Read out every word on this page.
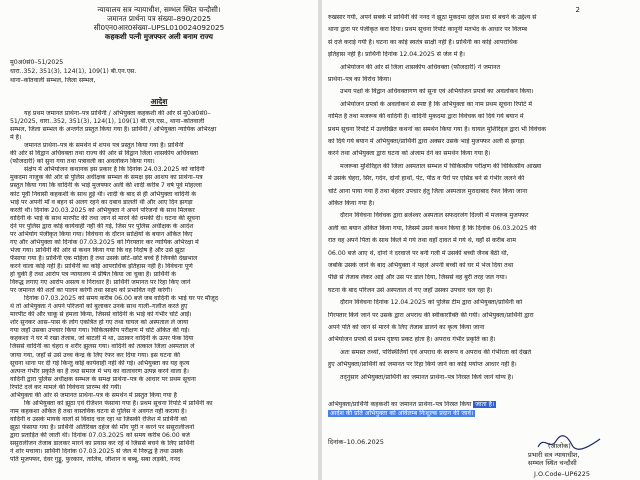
न्यायालय सत्र न्यायाधीश, सम्भल स्थित चन्दौसी।
जमानत प्रार्थना पत्र संख्या–890/2025
सी0एन0आर0संख्या–UPSL010024092025
कहकशी पत्नी मुजफ्फर अली बनाम राज्य
मु0अ0सं0–51/2025
धारा..352, 351(3), 124(1), 109(1) बी.एन.एस.
थाना–कोतवाली सम्भल, जिला सम्भल,
आदेश
यह प्रथम जमानत प्रार्थना–पत्र प्रार्थिनी / अभियुक्ता कहकशी की ओर से मु0अ0सं0–
51/2025, धारा..352, 351(3), 124(1), 109(1) बी.एन.एस., थाना–कोतवाली
सम्भल, जिला सम्भल के अन्तर्गत प्रस्तुत किया गया है। प्रार्थिनी / अभियुक्ता न्यायिक अभिरक्षा
में है।
जमानत प्रार्थना–पत्र के समर्थन में शपथ पत्र प्रस्तुत किया गया है। प्रार्थिनी
की ओर से विद्वान अधिवक्ता तथा राज्य की ओर से विद्वान जिला शासकीय अधिवक्ता
(फौजदारी) को सुना गया तथा पत्रावली का अवलोकन किया गया।
संक्षेप में अभियोजन कथानक इस प्रकार है कि दिनांक 24.03.2025 को वादिनी
मुकदमा नाजुक की ओर से पुलिस अधीक्षक सम्भल के समक्ष इस आशय का प्रार्थना–पत्र
प्रस्तुत किया गया कि वादिनी के भाई मुजफ्फर अली की शादी करीब 7 वर्ष पूर्व मोहल्ला
कोट पूर्वी निवासी कहकशी के साथ हुई थी। शादी के बाद से ही अभियुक्ता वादिनी के
भाई पर अपनी माँ व बहन से अलग रहने का दबाव डालती थी और आए दिन झगड़ा
करती थी। दिनांक 20.03.2025 को अभियुक्ता ने अपने परिजनों के साथ मिलकर
वादिनी के भाई के साथ मारपीट की तथा जान से मारने की धमकी दी। घटना की सूचना
देने पर पुलिस द्वारा कोई कार्यवाही नहीं की गई, जिस पर पुलिस अधीक्षक के आदेश
पर अभियोग पंजीकृत किया गया। विवेचना के दौरान साक्षियों के बयान अंकित किए
गए और अभियुक्ता को दिनांक 07.03.2025 को गिरफ्तार कर न्यायिक अभिरक्षा में
भेजा गया। प्रार्थिनी की ओर से कथन किया गया कि वह निर्दोष है और उसे झूठा
फँसाया गया है। प्रार्थिनी एक महिला है तथा उसके छोटे–छोटे बच्चे हैं जिनकी देखभाल
करने वाला कोई नहीं है। प्रार्थिनी का कोई आपराधिक इतिहास नहीं है। विवेचना पूर्ण
हो चुकी है तथा आरोप पत्र न्यायालय में प्रेषित किया जा चुका है। प्रार्थिनी के
विरुद्ध लगाए गए आरोप असत्य व निराधार हैं। प्रार्थिनी जमानत पर रिहा किए जाने
पर जमानत की शर्तों का पालन करेगी तथा साक्ष्य को प्रभावित नहीं करेगी।
दिनांक 07.03.2025 को समय करीब 06.00 बजे जब वादिनी के भाई घर पर मौजूद
थे तो अभियुक्ता ने अपने परिजनों को बुलाकर उनके साथ गाली–गलौज करते हुए
मारपीट की और चाकू से हमला किया, जिससे वादिनी के भाई को गंभीर चोटें आईं।
शोर सुनकर आस–पास के लोग एकत्रित हो गए तथा घायल को अस्पताल ले जाया
गया जहाँ उसका उपचार किया गया। चिकित्सकीय परीक्षण में चोटें अंकित की गईं।
कहकशा ने घर में रखा तेजाब, जो बाटली में था, उठाकर वादिनी के ऊपर फेंक दिया
जिससे वादिनी का चेहरा व शरीर झुलस गया। वादिनी को तत्काल जिला अस्पताल ले
जाया गया, जहाँ से उसे उच्च केन्द्र के लिए रेफर कर दिया गया। इस घटना की
सूचना थाना पर दी गई किन्तु कोई कार्यवाही नहीं की गई। अभियुक्ता का यह कृत्य
अत्यन्त गंभीर प्रकृति का है तथा समाज में भय का वातावरण उत्पन्न करने वाला है।
वादिनी द्वारा पुलिस अधीक्षक सम्भल के समक्ष प्रार्थना–पत्र के आधार पर प्रथम सूचना
रिपोर्ट दर्ज कर मामले की विवेचना प्रारम्भ की गयी।
अभियुक्ता की ओर से जमानत प्रार्थना–पत्र के समर्थन में प्रस्तुत किया गया है
कि अभियुक्ता को झूठा एवं रंजिशन फंसाया गया है। प्रथम सूचना रिपोर्ट में प्रार्थिनी का
नाम कहकशा अंकित है तथा वास्तविक घटना से पुलिस ने अवगत नहीं कराया है।
वादिनी व उसके मायके वालों से विवाद चल रहा था जिसकी रंजिश में प्रार्थिनी को
झूठा फंसाया गया है। प्रार्थिनी अतिरिक्त दहेज की माँग पूरी न करने पर ससुरालीजनों
द्वारा प्रताड़ित की जाती थी। दिनांक 07.03.2025 को समय करीब 06.00 बजे
ससुरालीजन तेजाब डालकर मारने का प्रयास कर रहे थे जिससे बचने के लिए प्रार्थिनी
ने शोर मचाया। प्रार्थिनी दिनांक 07.03.2025 से जेल में निरुद्ध है तथा उसके
पति मुजफ्फर, देवर गुड्डू, फुरकान, तालिब, जीशान व बब्बू, सबा लड़की, ननद
2
रुखसार गयी, अपने सबके में प्रार्थिनी की ननद ने झूठा मुकदमा दहेज प्रथा से बचने के उद्देश्य से
थाना द्वारा पर पंजीकृत करा दिया। प्रथम सूचना रिपोर्ट कानूनी मतभेद के आधार पर विलम्ब
से दर्ज कराई गयी है। घटना का कोई स्वतंत्र साक्षी नहीं है। प्रार्थिनी का कोई आपराधिक
इतिहास नहीं है। प्रार्थिनी दिनांक 12.04.2025 से जेल में है।
अभियोजन की ओर से जिला शासकीय अधिवक्ता (फौजदारी) ने जमानत
प्रार्थना–पत्र का विरोध किया।
उभय पक्षों के विद्वान अधिवक्तागण को सुना एवं अभियोजन प्रपत्रों का अवलोकन किया।
अभियोजन प्रपत्रों के अवलोकन से स्पष्ट है कि अभियुक्ता का नाम प्रथम सूचना रिपोर्ट में
नामित है तथा मजरूब की वादिनी है। वादिनी मुकदमा द्वारा विवेचक को दिये गये बयान में
प्रथम सूचना रिपोर्ट में उल्लेखित कथनों का समर्थन किया गया है। घायल मुशिरिद्दल द्वारा भी विवेचक
को दिये गये बयान में अभियुक्ता/प्रार्थिनी द्वारा अक्सर उसके भाई मुजफ्फर अली से झगड़ा
करने तथा अभियुक्ता द्वारा घटना को अंजाम देने का समर्थन किया गया है।
मजरूबा मुशिरिद्दल की जिला अस्पताल सम्भल में चिकित्सीय परीक्षण की चिकित्सीय आख्या
में उसके चेहरा, सिर, गर्दन, दोनों हाथों, पेट, पीठ व पैरों पर एसिड बर्न से गंभीर जलने की
चोटें आना पाया गया है तथा बेहतर उपचार हेतु जिला अस्पताल मुरादाबाद रेफर किया जाना
अंकित किया गया है।
दौरान विवेचना विवेचक द्वारा ब्रजेश्वर अस्पताल सफदरजंग दिल्ली में मजरूब मुजफ्फर
अली का बयान अंकित किया गया, जिसमें उसने कथन किया है कि दिनांक 06.03.2025 की
रात वह अपने पिता के साथ किले में गये तथा वहाँ दावत में गये थे, वहाँ से करीब शाम
06.00 बजे आए थे, दोनों ने दरवाजे पर बनी गली में उसकी बच्ची जैनब बैठी थी,
जबकि उसके जाने के बाद अभियुक्ता ने पहले अपनी बच्ची को घर में भेज दिया तथा
पीछे से तेजाब लेकर आई और उस पर डाल दिया, जिससे वह बुरी तरह जल गया।
घटना के बाद परिजन उसे अस्पताल ले गए जहाँ उसका उपचार चल रहा है।
दौरान विवेचना दिनांक 12.04.2025 को पुलिस टीम द्वारा अभियुक्ता/प्रार्थिनी को
गिरफ्तार किये जाने पर उसके द्वारा अपराध की स्वीकारोक्ति की गयी। अभियुक्ता/प्रार्थिनी द्वारा
अपने पति को जान से मारने के लिए तेजाब डालने का कृत्य किया जाना
अभियोजन प्रपत्रों से प्रथम दृष्टया प्रकट होता है। अपराध गंभीर प्रकृति का है।
अतः समस्त तथ्यों, परिस्थितियों एवं अपराध के स्वरूप व अपराध की गंभीरता को देखते
हुए अभियुक्ता/प्रार्थिनी को जमानत पर रिहा किये जाने का कोई पर्याप्त आधार नहीं है।
तद्नुसार अभियुक्ता/प्रार्थिनी का जमानत प्रार्थना–पत्र निरस्त किये जाने योग्य है।
अभियुक्ता/प्रार्थिनी कहकशी का जमानत प्रार्थना–पत्र निरस्त किया जाता है।
आदेश की प्रति अभियुक्ता को अविलम्ब निःशुल्क प्रदान की जावे।
(आलोक)
प्रभारी सत्र न्यायाधीश,
सम्भल स्थित चन्दौसी
J.O.Code–UP6225
दिनांक–10.06.2025
